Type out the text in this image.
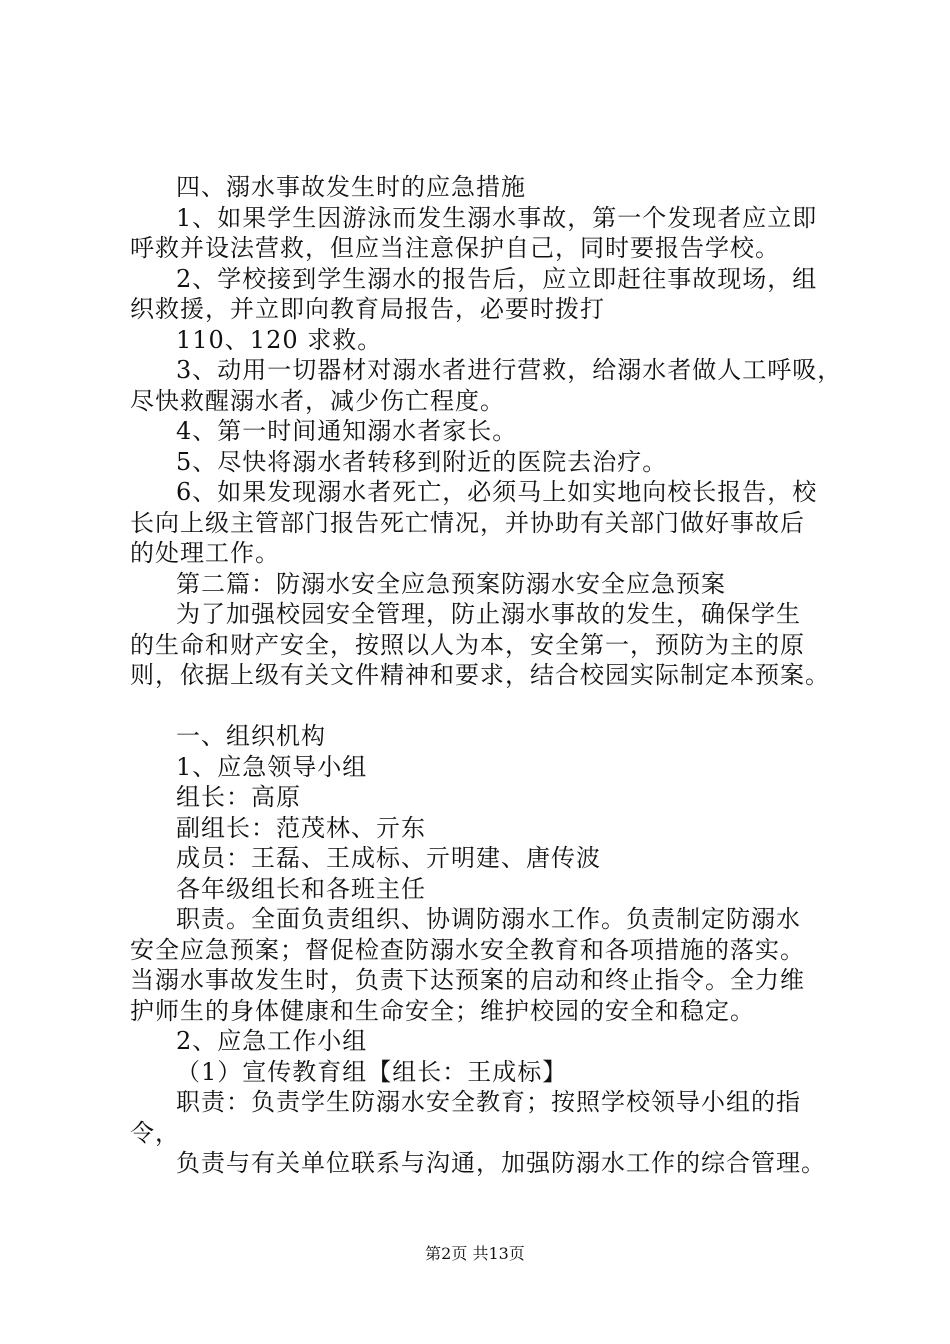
四、溺水事故发生时的应急措施
1、如果学生因游泳而发生溺水事故，第一个发现者应立即
呼救并设法营救，但应当注意保护自己，同时要报告学校。
2、学校接到学生溺水的报告后，应立即赶往事故现场，组
织救援，并立即向教育局报告，必要时拨打
110、120 求救。
3、动用一切器材对溺水者进行营救，给溺水者做人工呼吸，
尽快救醒溺水者，减少伤亡程度。
4、第一时间通知溺水者家长。
5、尽快将溺水者转移到附近的医院去治疗。
6、如果发现溺水者死亡，必须马上如实地向校长报告，校
长向上级主管部门报告死亡情况，并协助有关部门做好事故后
的处理工作。
第二篇：防溺水安全应急预案防溺水安全应急预案
为了加强校园安全管理，防止溺水事故的发生，确保学生
的生命和财产安全，按照以人为本，安全第一，预防为主的原
则，依据上级有关文件精神和要求，结合校园实际制定本预案。
一、组织机构
1、应急领导小组
组长：高原
副组长：范茂林、亓东
成员：王磊、王成标、亓明建、唐传波
各年级组长和各班主任
职责。全面负责组织、协调防溺水工作。负责制定防溺水
安全应急预案；督促检查防溺水安全教育和各项措施的落实。
当溺水事故发生时，负责下达预案的启动和终止指令。全力维
护师生的身体健康和生命安全；维护校园的安全和稳定。
2、应急工作小组
（1）宣传教育组【组长：王成标】
职责：负责学生防溺水安全教育；按照学校领导小组的指
令，
负责与有关单位联系与沟通，加强防溺水工作的综合管理。
第2页 共13页
